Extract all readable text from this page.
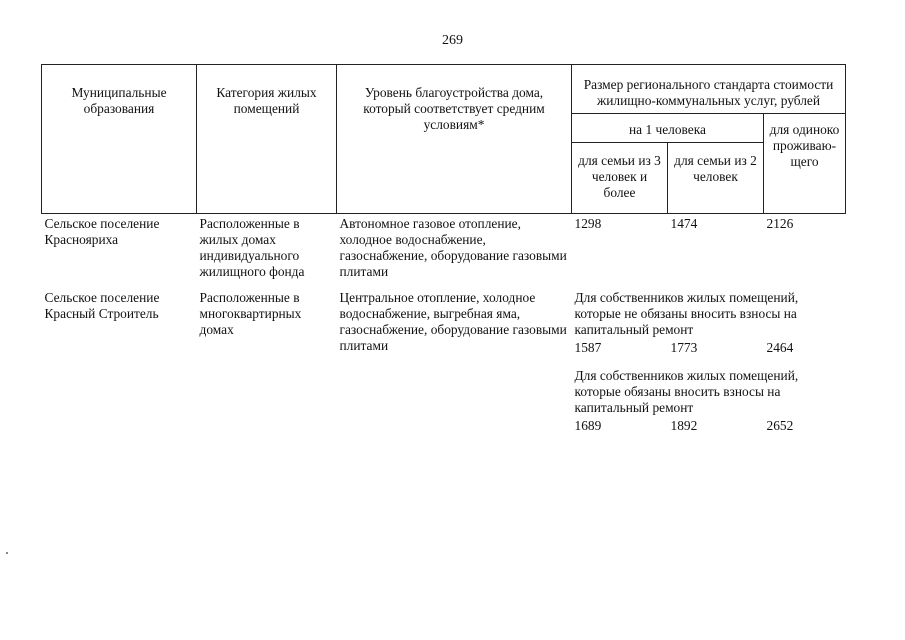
269
Муниципальные образования	Категория жилых помещений	Уровень благоустройства дома, который соответствует средним условиям*	Размер регионального стандарта стоимости жилищно-коммунальных услуг, рублей		
			на 1 человека		для одиноко проживаю-щего
			для семьи из 3 человек и более	для семьи из 2 человек	
Сельское поселение Краснояриха	Расположенные в жилых домах индивидуального жилищного фонда	Автономное газовое отопление, холодное водоснабжение, газоснабжение, оборудование газовыми плитами	1298	1474	2126

Сельское поселение Красный Строитель	Расположенные в многоквартирных домах	Центральное отопление, холодное водоснабжение, выгребная яма, газоснабжение, оборудование газовыми плитами	Для собственников жилых помещений, которые не обязаны вносить взносы на капитальный ремонт		
			1587	1773	2464
			Для собственников жилых помещений, которые обязаны вносить взносы на капитальный ремонт		
			1689	1892	2652
